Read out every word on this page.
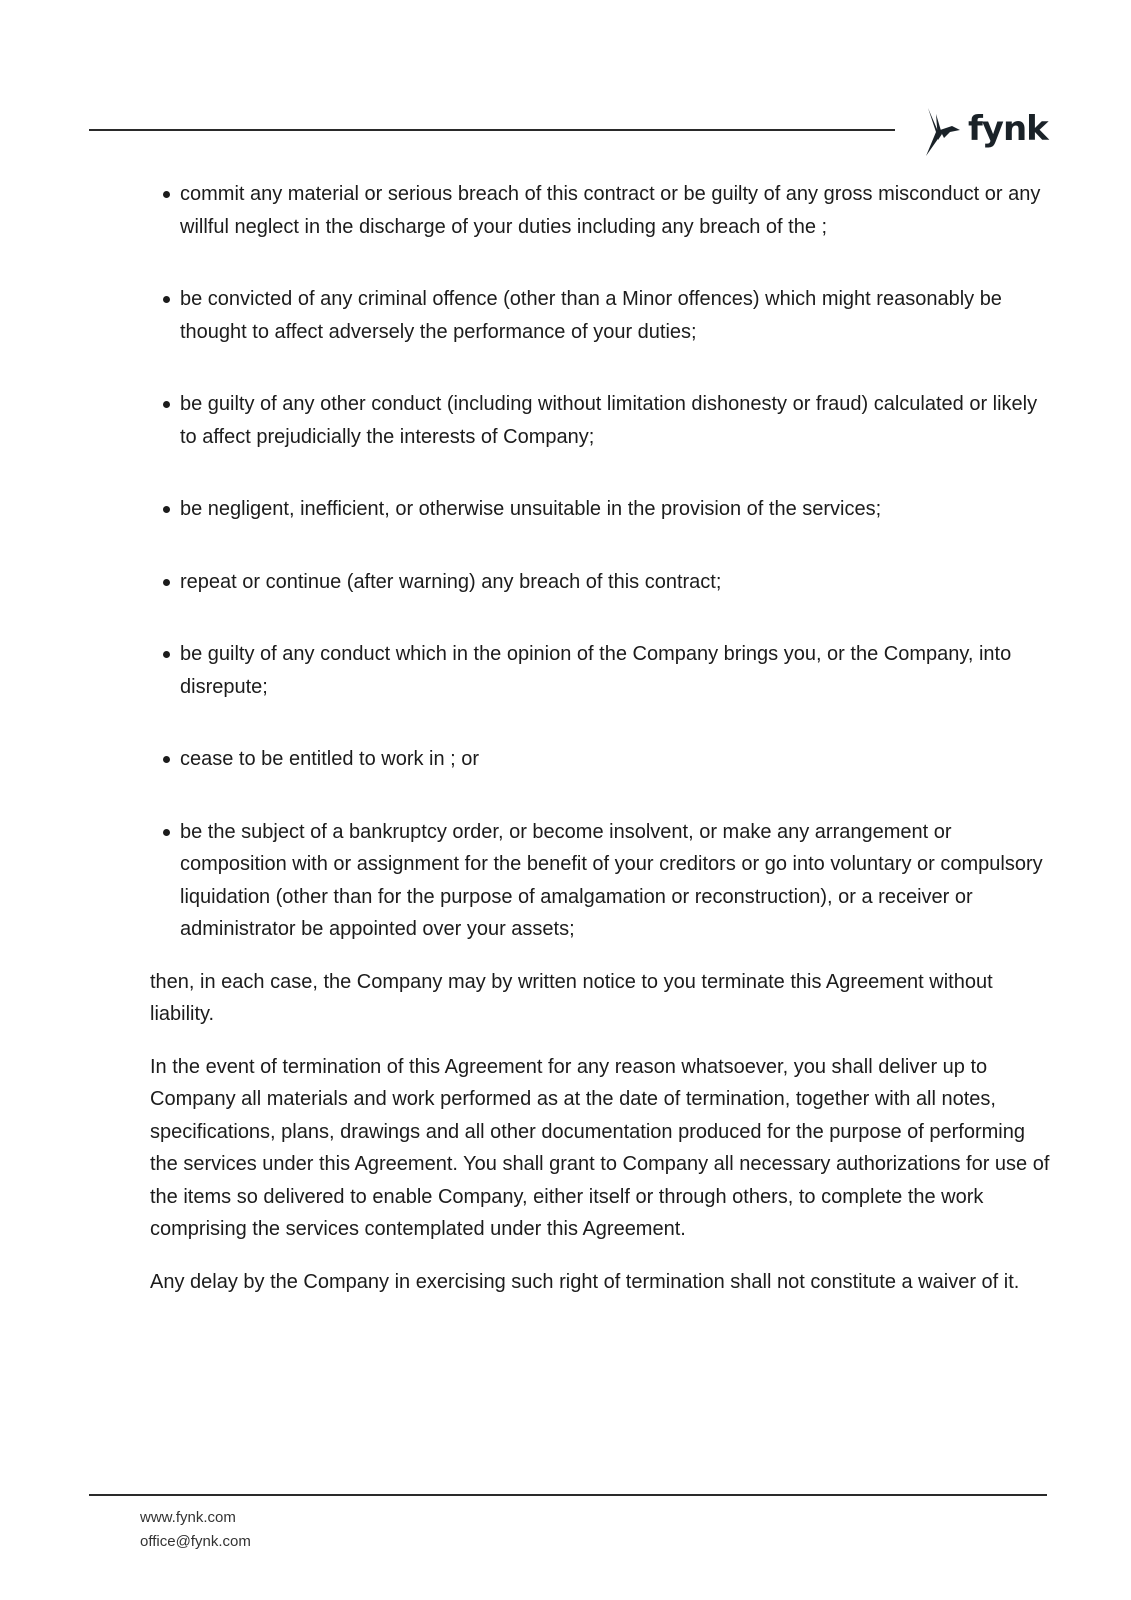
fynk
commit any material or serious breach of this contract or be guilty of any gross misconduct or any willful neglect in the discharge of your duties including any breach of the ;
be convicted of any criminal offence (other than a Minor offences) which might reasonably be thought to affect adversely the performance of your duties;
be guilty of any other conduct (including without limitation dishonesty or fraud) calculated or likely to affect prejudicially the interests of Company;
be negligent, inefficient, or otherwise unsuitable in the provision of the services;
repeat or continue (after warning) any breach of this contract;
be guilty of any conduct which in the opinion of the Company brings you, or the Company, into disrepute;
cease to be entitled to work in ; or
be the subject of a bankruptcy order, or become insolvent, or make any arrangement or composition with or assignment for the benefit of your creditors or go into voluntary or compulsory liquidation (other than for the purpose of amalgamation or reconstruction), or a receiver or administrator be appointed over your assets;

then, in each case, the Company may by written notice to you terminate this Agreement without liability.

In the event of termination of this Agreement for any reason whatsoever, you shall deliver up to Company all materials and work performed as at the date of termination, together with all notes, specifications, plans, drawings and all other documentation produced for the purpose of performing the services under this Agreement. You shall grant to Company all necessary authorizations for use of the items so delivered to enable Company, either itself or through others, to complete the work comprising the services contemplated under this Agreement.

Any delay by the Company in exercising such right of termination shall not constitute a waiver of it.

www.fynk.com
office@fynk.com
